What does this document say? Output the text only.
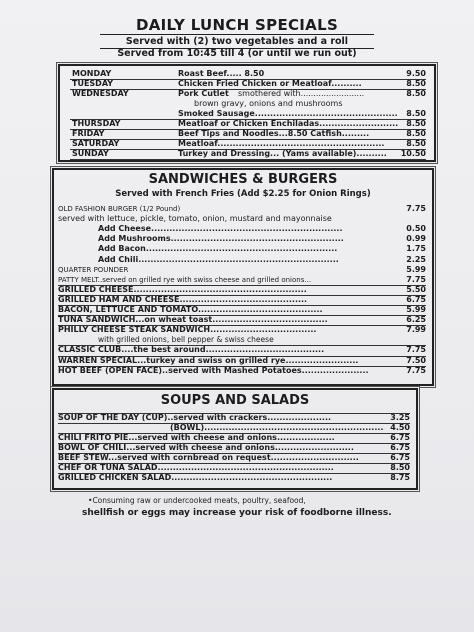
DAILY LUNCH SPECIALS
Served with (2) two vegetables and a roll
Served from 10:45 till 4 (or until we run out)
MONDAY	Roast Beef..... 8.50	9.50
TUESDAY	Chicken Fried Chicken or Meatloaf..........	8.50
WEDNESDAY	Pork Cutlet smothered with.........................	8.50
brown gravy, onions and mushrooms
Smoked Sausage............................................... 8.50
THURSDAY	Meatloaf or Chicken Enchiladas.......................... 8.50
FRIDAY	Beef Tips and Noodles...8.50 Catfish.........	8.50
SATURDAY	Meatloaf.......................................................	8.50
SUNDAY	Turkey and Dressing... (Yams available).......... 10.50
SANDWICHES & BURGERS
Served with French Fries (Add $2.25 for Onion Rings)
OLD FASHION BURGER (1/2 Pound)	7.75
served with lettuce, pickle, tomato, onion, mustard and mayonnaise
Add Cheese...............................................................	0.50
Add Mushrooms.........................................................	0.99
Add Bacon...............................................................	1.75
Add Chili..................................................................	2.25
QUARTER POUNDER	5.99
PATTY MELT..served on grilled rye with swiss cheese and grilled onions...	7.75
GRILLED CHEESE.........................................................	5.50
GRILLED HAM AND CHEESE..........................................	6.75
BACON, LETTUCE AND TOMATO.........................................	5.99
TUNA SANDWICH...on wheat toast......................................	6.25
PHILLY CHEESE STEAK SANDWICH...................................	7.99
with grilled onions, bell pepper & swiss cheese
CLASSIC CLUB....the best around.......................................	7.75
WARREN SPECIAL...turkey and swiss on grilled rye........................	7.50
HOT BEEF (OPEN FACE)..served with Mashed Potatoes......................	7.75
SOUPS AND SALADS
SOUP OF THE DAY (CUP)..served with crackers.....................	3.25
(BOWL)........................................................... 4.50
CHILI FRITO PIE...served with cheese and onions...................	6.75
BOWL OF CHILI...served with cheese and onions..........................	6.75
BEEF STEW...served with cornbread on request.............................	6.75
CHEF OR TUNA SALAD..........................................................	8.50
GRILLED CHICKEN SALAD.....................................................	8.75
•Consuming raw or undercooked meats, poultry, seafood,
shellfish or eggs may increase your risk of foodborne illness.
